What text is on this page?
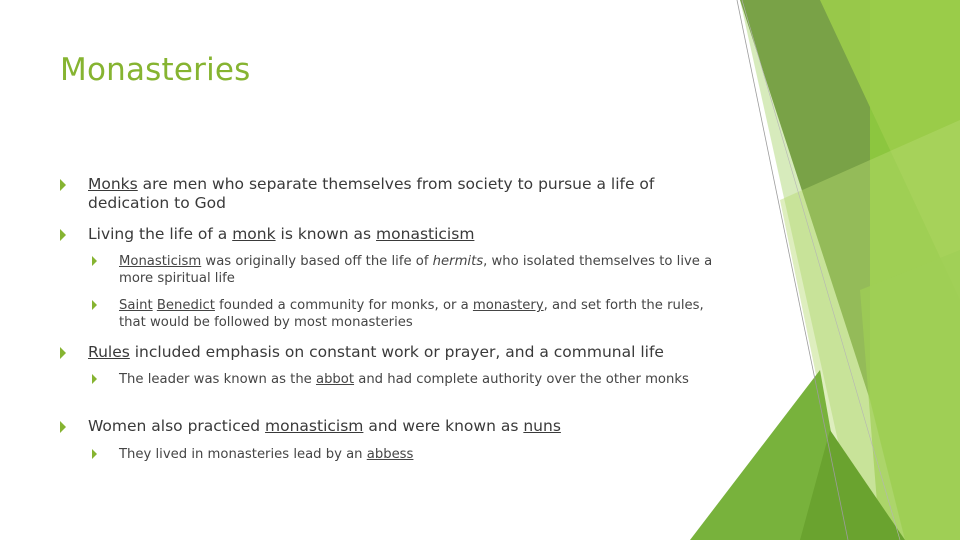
Monasteries
Monks are men who separate themselves from society to pursue a life of dedication to God
Living the life of a monk is known as monasticism
Monasticism was originally based off the life of hermits, who isolated themselves to live a more spiritual life
Saint Benedict founded a community for monks, or a monastery, and set forth the rules, that would be followed by most monasteries
Rules included emphasis on constant work or prayer, and a communal life
The leader was known as the abbot and had complete authority over the other monks
Women also practiced monasticism and were known as nuns
They lived in monasteries lead by an abbess
